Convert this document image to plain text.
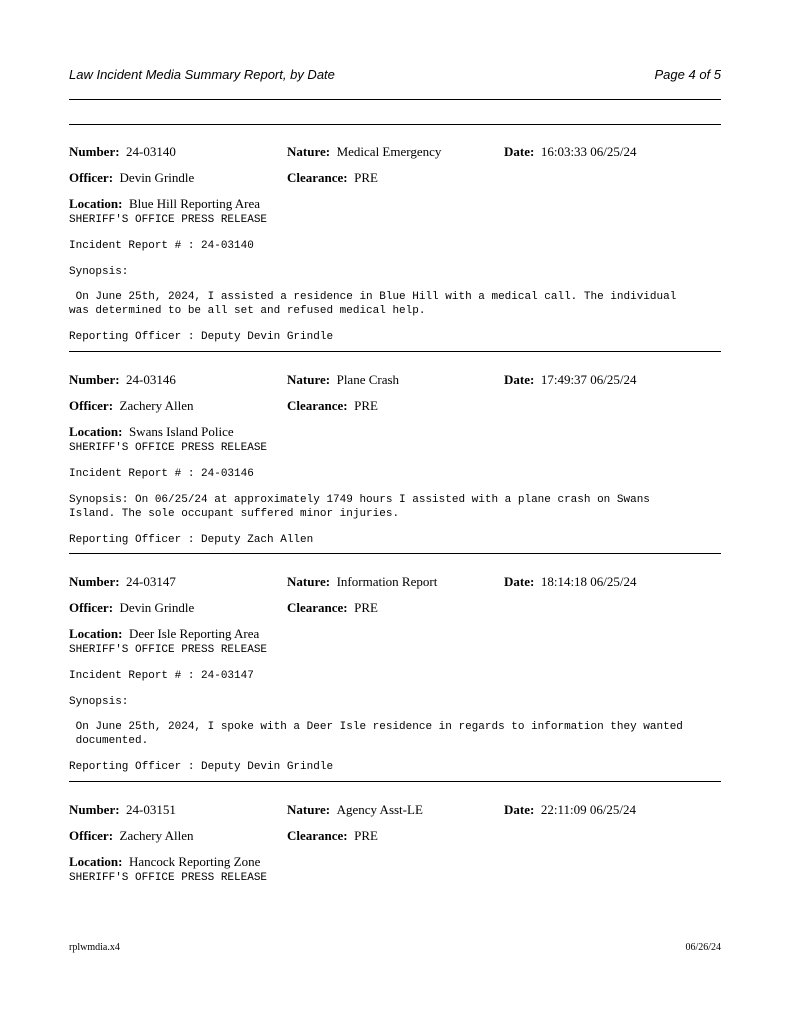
Law Incident Media Summary Report, by Date	Page 4 of 5
Number: 24-03140	Nature: Medical Emergency	Date: 16:03:33 06/25/24
Officer: Devin Grindle	Clearance: PRE
Location: Blue Hill Reporting Area
SHERIFF'S OFFICE PRESS RELEASE
Incident Report # : 24-03140
Synopsis:
On June 25th, 2024, I assisted a residence in Blue Hill with a medical call. The individual
was determined to be all set and refused medical help.
Reporting Officer : Deputy Devin Grindle
Number: 24-03146	Nature: Plane Crash	Date: 17:49:37 06/25/24
Officer: Zachery Allen	Clearance: PRE
Location: Swans Island Police
SHERIFF'S OFFICE PRESS RELEASE
Incident Report # : 24-03146
Synopsis: On 06/25/24 at approximately 1749 hours I assisted with a plane crash on Swans
Island. The sole occupant suffered minor injuries.
Reporting Officer : Deputy Zach Allen
Number: 24-03147	Nature: Information Report	Date: 18:14:18 06/25/24
Officer: Devin Grindle	Clearance: PRE
Location: Deer Isle Reporting Area
SHERIFF'S OFFICE PRESS RELEASE
Incident Report # : 24-03147
Synopsis:
On June 25th, 2024, I spoke with a Deer Isle residence in regards to information they wanted
documented.
Reporting Officer : Deputy Devin Grindle
Number: 24-03151	Nature: Agency Asst-LE	Date: 22:11:09 06/25/24
Officer: Zachery Allen	Clearance: PRE
Location: Hancock Reporting Zone
SHERIFF'S OFFICE PRESS RELEASE
rplwmdia.x4	06/26/24
